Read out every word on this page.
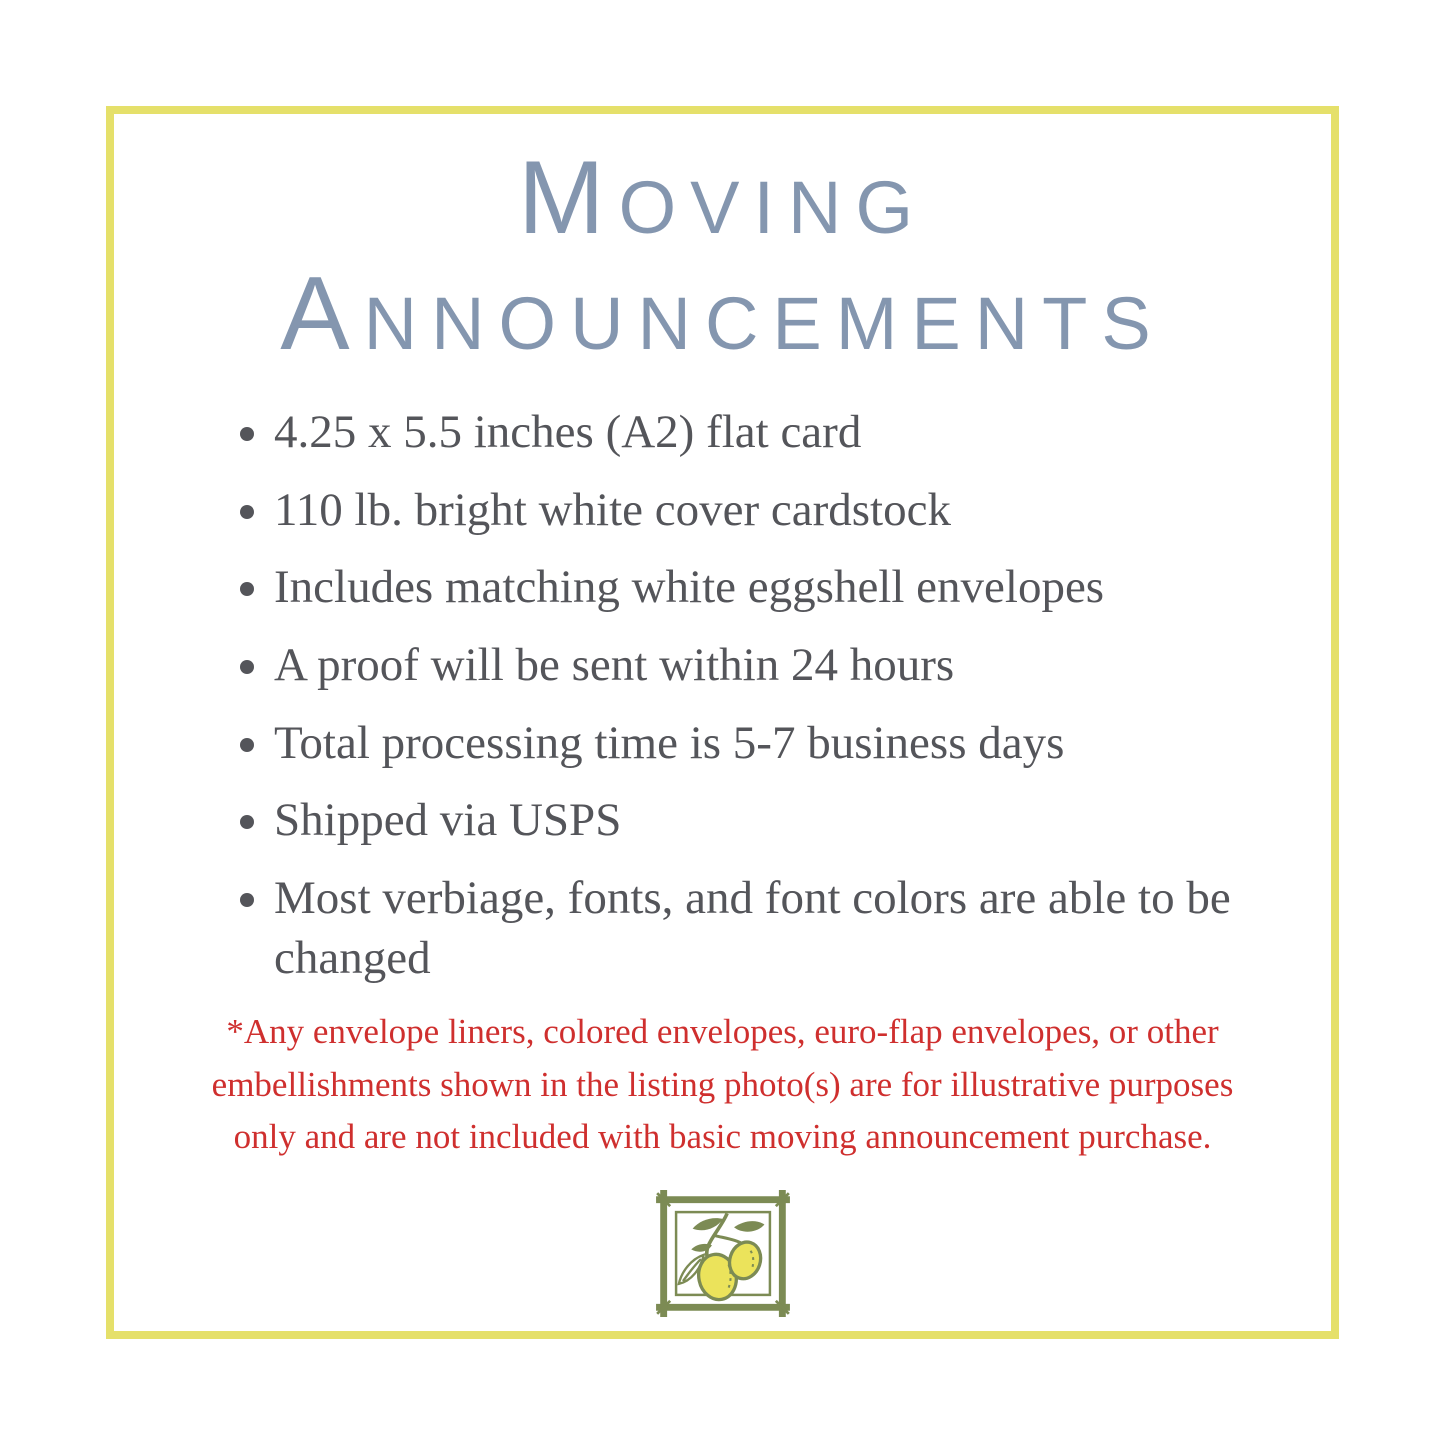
MOVING
ANNOUNCEMENTS
• 4.25 x 5.5 inches (A2) flat card
• 110 lb. bright white cover cardstock
• Includes matching white eggshell envelopes
• A proof will be sent within 24 hours
• Total processing time is 5-7 business days
• Shipped via USPS
• Most verbiage, fonts, and font colors are able to be changed
*Any envelope liners, colored envelopes, euro-flap envelopes, or other
embellishments shown in the listing photo(s) are for illustrative purposes
only and are not included with basic moving announcement purchase.
